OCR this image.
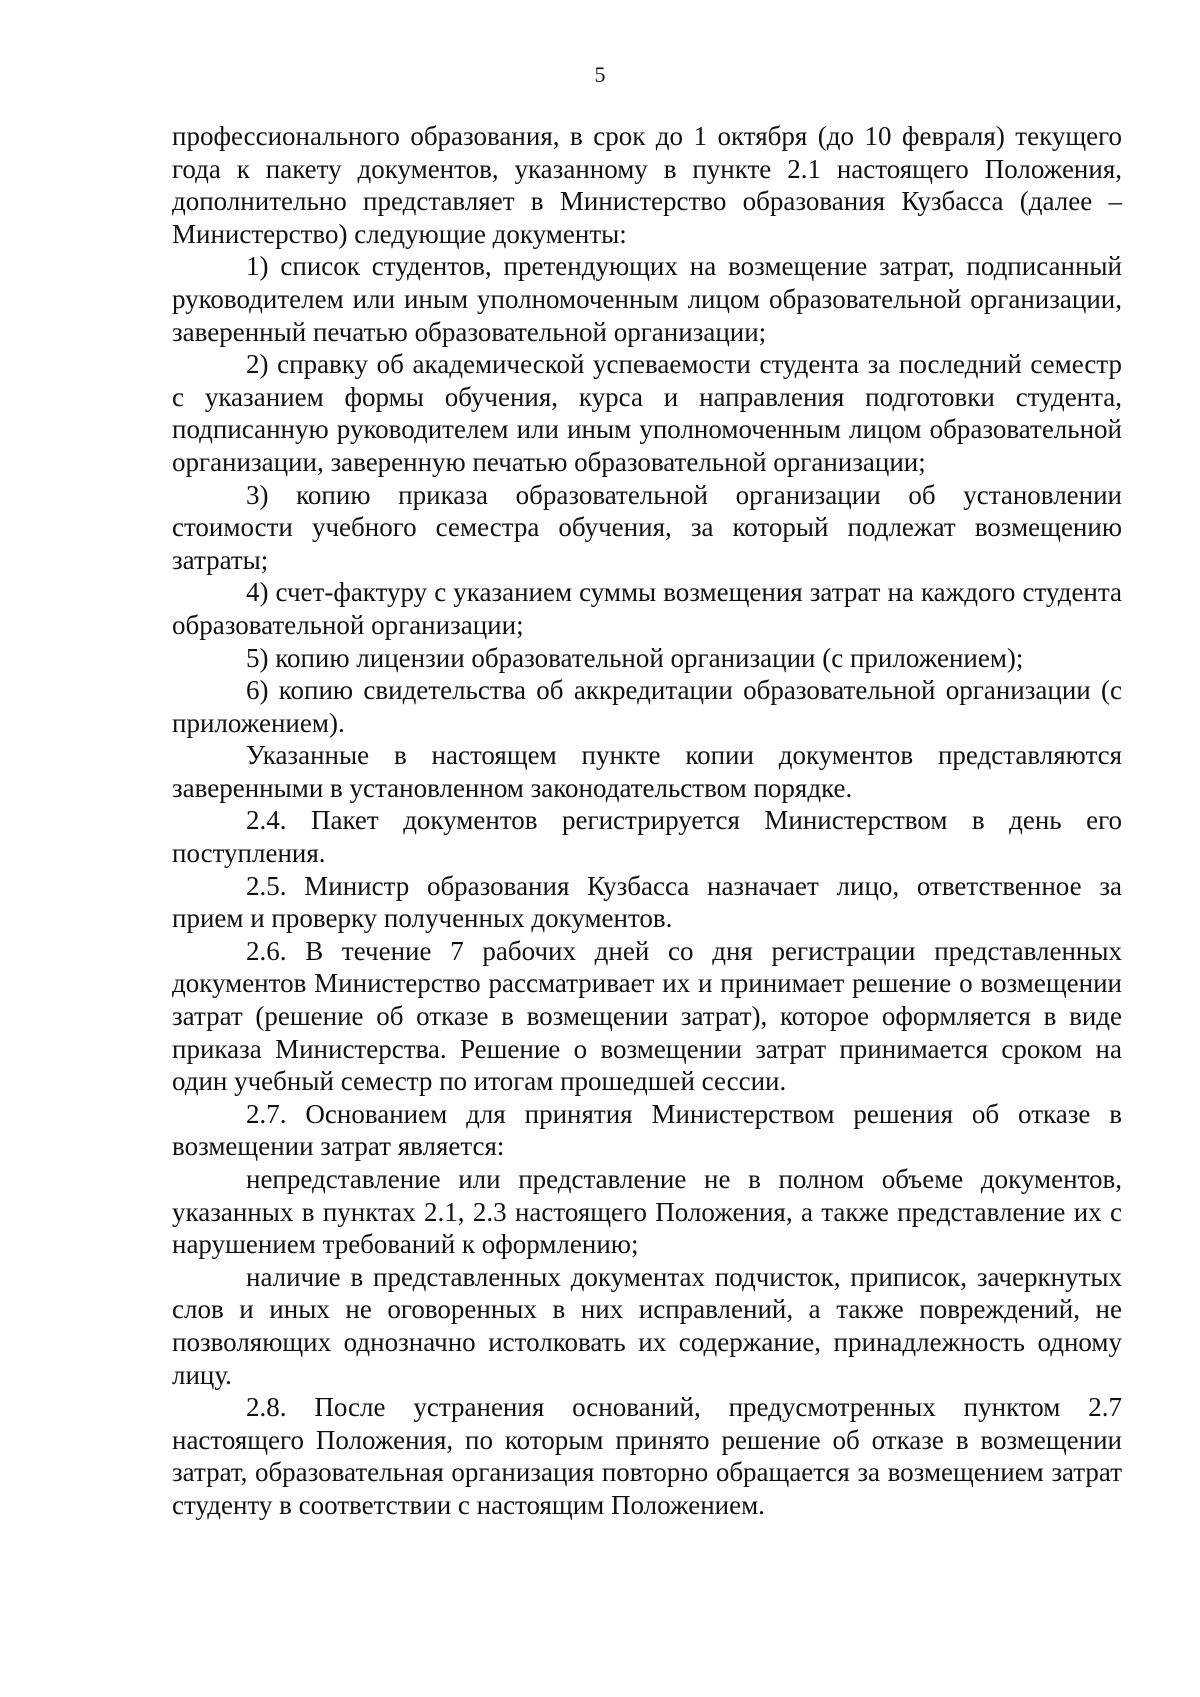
5

профессионального образования, в срок до 1 октября (до 10 февраля) текущего года к пакету документов, указанному в пункте 2.1 настоящего Положения, дополнительно представляет в Министерство образования Кузбасса (далее – Министерство) следующие документы:

1) список студентов, претендующих на возмещение затрат, подписанный руководителем или иным уполномоченным лицом образовательной организации, заверенный печатью образовательной организации;

2) справку об академической успеваемости студента за последний семестр с указанием формы обучения, курса и направления подготовки студента, подписанную руководителем или иным уполномоченным лицом образовательной организации, заверенную печатью образовательной организации;

3) копию приказа образовательной организации об установлении стоимости учебного семестра обучения, за который подлежат возмещению затраты;

4) счет-фактуру с указанием суммы возмещения затрат на каждого студента образовательной организации;

5) копию лицензии образовательной организации (с приложением);

6) копию свидетельства об аккредитации образовательной организации (с приложением).

Указанные в настоящем пункте копии документов представляются заверенными в установленном законодательством порядке.

2.4. Пакет документов регистрируется Министерством в день его поступления.

2.5. Министр образования Кузбасса назначает лицо, ответственное за прием и проверку полученных документов.

2.6. В течение 7 рабочих дней со дня регистрации представленных документов Министерство рассматривает их и принимает решение о возмещении затрат (решение об отказе в возмещении затрат), которое оформляется в виде приказа Министерства. Решение о возмещении затрат принимается сроком на один учебный семестр по итогам прошедшей сессии.

2.7. Основанием для принятия Министерством решения об отказе в возмещении затрат является:

непредставление или представление не в полном объеме документов, указанных в пунктах 2.1, 2.3 настоящего Положения, а также представление их с нарушением требований к оформлению;

наличие в представленных документах подчисток, приписок, зачеркнутых слов и иных не оговоренных в них исправлений, а также повреждений, не позволяющих однозначно истолковать их содержание, принадлежность одному лицу.

2.8. После устранения оснований, предусмотренных пунктом 2.7 настоящего Положения, по которым принято решение об отказе в возмещении затрат, образовательная организация повторно обращается за возмещением затрат студенту в соответствии с настоящим Положением.
